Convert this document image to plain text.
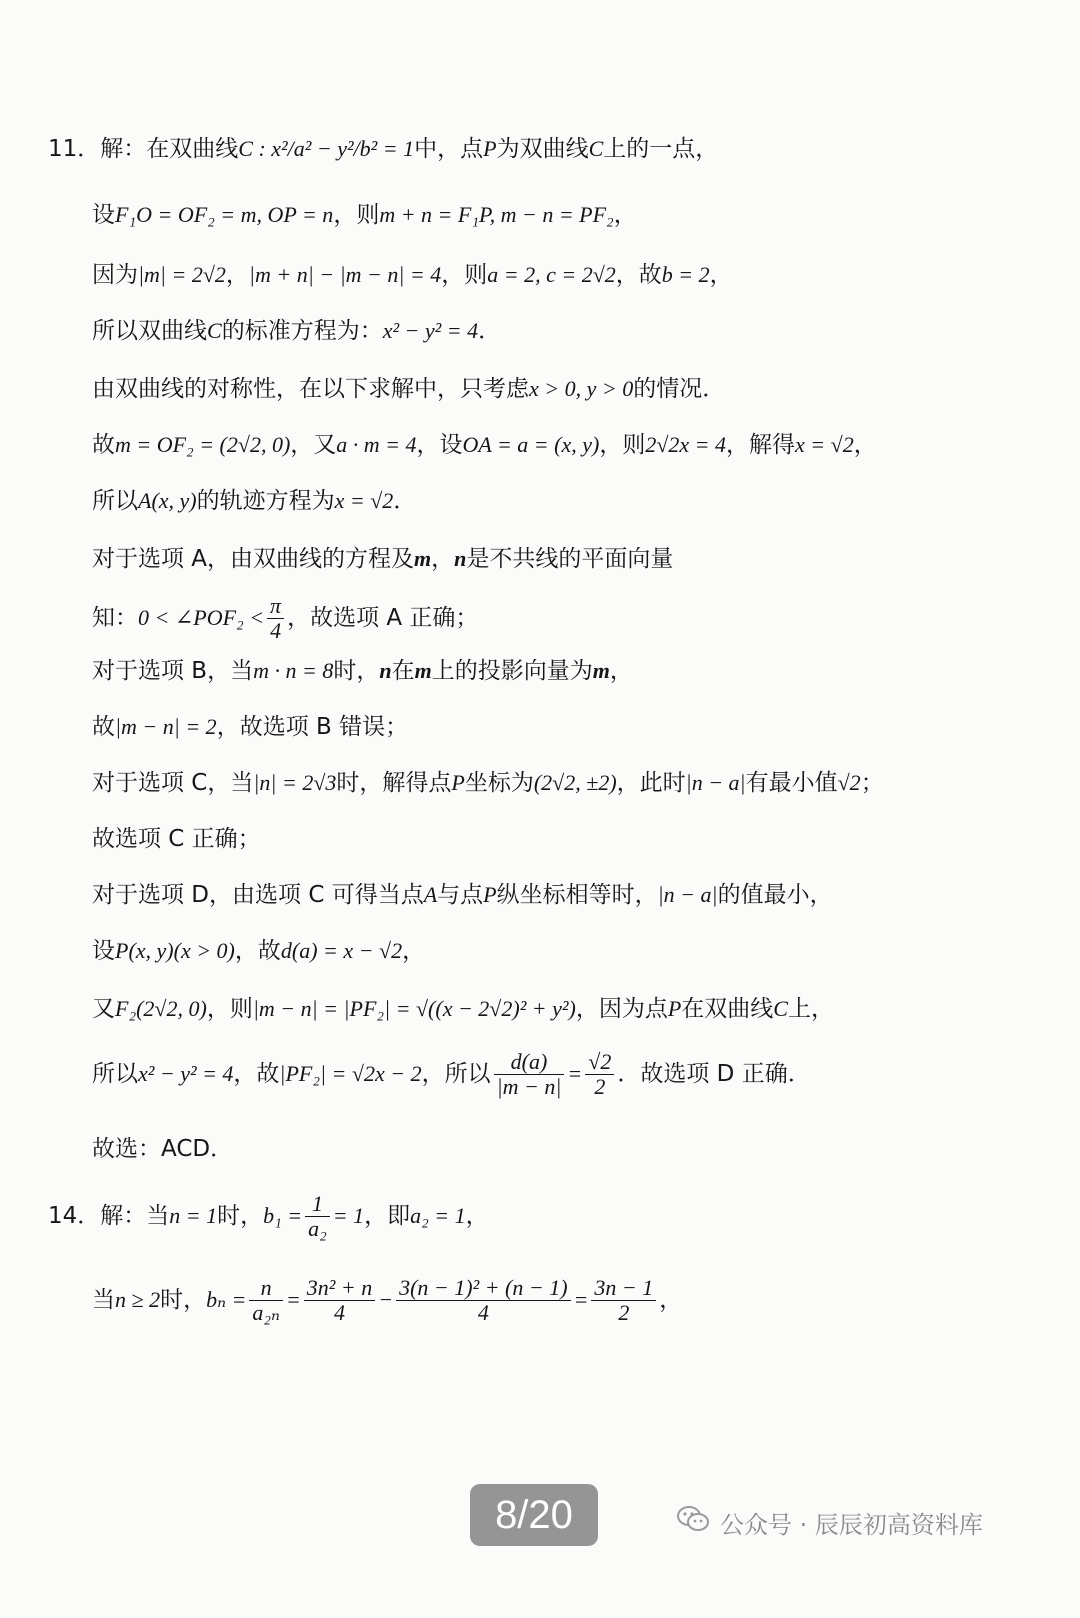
11．解：在双曲线C : x²/a² − y²/b² = 1中，点P为双曲线C上的一点，
设F₁O = OF₂ = m, OP = n，则m + n = F₁P, m − n = PF₂，
因为|m| = 2√2，|m + n| − |m − n| = 4，则a = 2, c = 2√2，故b = 2，
所以双曲线C的标准方程为：x² − y² = 4．
由双曲线的对称性，在以下求解中，只考虑x > 0, y > 0的情况．
故m = OF₂ = (2√2, 0)，又a · m = 4，设OA = a = (x, y)，则2√2x = 4，解得x = √2，
所以A(x, y)的轨迹方程为x = √2．
对于选项 A，由双曲线的方程及m，n是不共线的平面向量
知：0 < ∠POF₂ < $\frac{\pi}{4}$ ，故选项 A 正确；
对于选项 B，当m · n = 8时，n在m上的投影向量为m，
故|m − n| = 2，故选项 B 错误；
对于选项 C，当|n| = 2√3时，解得点P坐标为(2√2, ±2)，此时|n − a|有最小值√2；
故选项 C 正确；
对于选项 D，由选项 C 可得当点A与点P纵坐标相等时，|n − a|的值最小，
设P(x, y)(x > 0)，故d(a) = x − √2，
又F₂(2√2, 0)，则|m − n| = |PF₂| = √((x − 2√2)² + y²)，因为点P在双曲线C上，
所以x² − y² = 4，故|PF₂| = √2x − 2，所以 $\frac{d(a)}{|m - n|} = \frac{√2}{2}$ ．故选项 D 正确．
故选：ACD．
14．解：当n = 1时，$b_1 = \frac{1}{\text{a₂}} = 1$，即a₂ = 1，
当n ≥ 2时，$b_n = \frac{n}{\text{a₂ₙ}} = \frac{\text{3n² + n}}{4} - \frac{\text{3(n − 1)² + (n − 1)}}{4} = \frac{3n - 1}{2}$ ，
8/20	公众号 · 辰辰初高资料库
